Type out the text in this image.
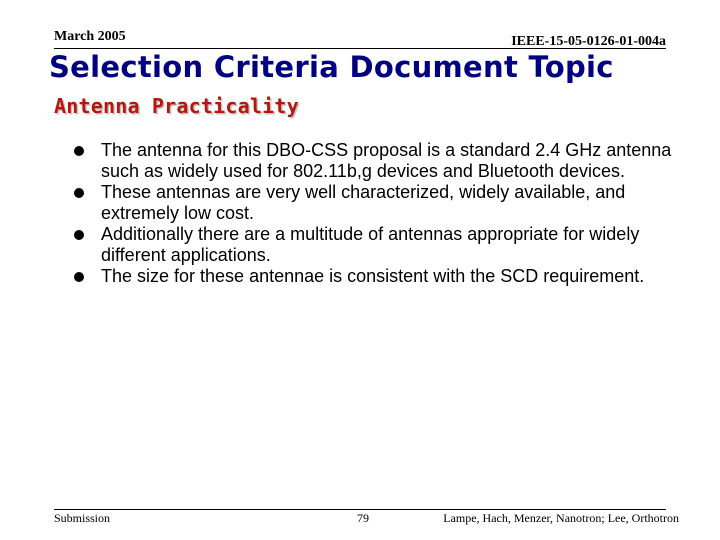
March 2005	IEEE-15-05-0126-01-004a
Selection Criteria Document Topic
Antenna Practicality
The antenna for this DBO-CSS proposal is a standard 2.4 GHz antenna such as widely used for 802.11b,g devices and Bluetooth devices.
These antennas are very well characterized, widely available, and extremely low cost.
Additionally there are a multitude of antennas appropriate for widely different applications.
The size for these antennae is consistent with the SCD requirement.
Submission	79	Lampe, Hach, Menzer, Nanotron; Lee, Orthotron
